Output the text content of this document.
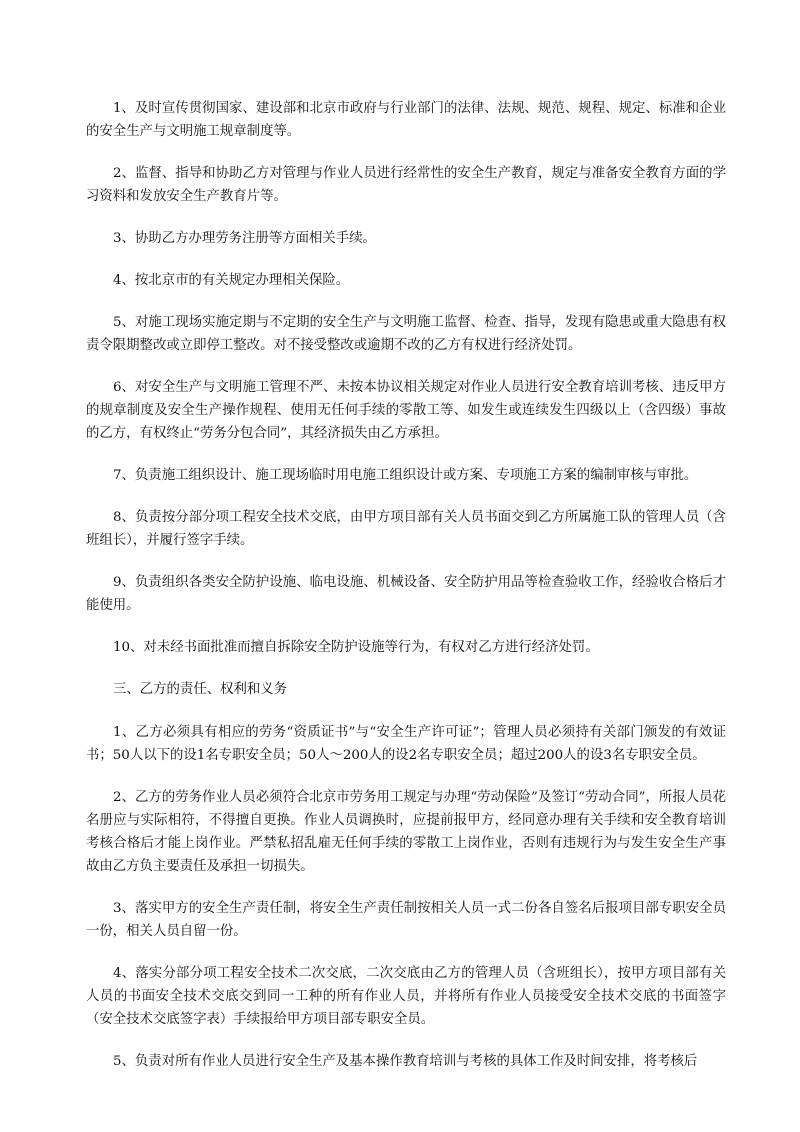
1、及时宣传贯彻国家、建设部和北京市政府与行业部门的法律、法规、规范、规程、规定、标准和企业的安全生产与文明施工规章制度等。

2、监督、指导和协助乙方对管理与作业人员进行经常性的安全生产教育，规定与准备安全教育方面的学习资料和发放安全生产教育片等。

3、协助乙方办理劳务注册等方面相关手续。

4、按北京市的有关规定办理相关保险。

5、对施工现场实施定期与不定期的安全生产与文明施工监督、检查、指导，发现有隐患或重大隐患有权责令限期整改或立即停工整改。对不接受整改或逾期不改的乙方有权进行经济处罚。

6、对安全生产与文明施工管理不严、未按本协议相关规定对作业人员进行安全教育培训考核、违反甲方的规章制度及安全生产操作规程、使用无任何手续的零散工等、如发生或连续发生四级以上（含四级）事故的乙方，有权终止“劳务分包合同”，其经济损失由乙方承担。

7、负责施工组织设计、施工现场临时用电施工组织设计或方案、专项施工方案的编制审核与审批。

8、负责按分部分项工程安全技术交底，由甲方项目部有关人员书面交到乙方所属施工队的管理人员（含班组长），并履行签字手续。

9、负责组织各类安全防护设施、临电设施、机械设备、安全防护用品等检查验收工作，经验收合格后才能使用。

10、对未经书面批准而擅自拆除安全防护设施等行为，有权对乙方进行经济处罚。

三、乙方的责任、权利和义务

1、乙方必须具有相应的劳务“资质证书”与“安全生产许可证”；管理人员必须持有关部门颁发的有效证书；50人以下的设1名专职安全员；50人～200人的设2名专职安全员；超过200人的设3名专职安全员。

2、乙方的劳务作业人员必须符合北京市劳务用工规定与办理“劳动保险”及签订“劳动合同”，所报人员花名册应与实际相符，不得擅自更换。作业人员调换时，应提前报甲方，经同意办理有关手续和安全教育培训考核合格后才能上岗作业。严禁私招乱雇无任何手续的零散工上岗作业，否则有违规行为与发生安全生产事故由乙方负主要责任及承担一切损失。

3、落实甲方的安全生产责任制，将安全生产责任制按相关人员一式二份各自签名后报项目部专职安全员一份，相关人员自留一份。

4、落实分部分项工程安全技术二次交底，二次交底由乙方的管理人员（含班组长），按甲方项目部有关人员的书面安全技术交底交到同一工种的所有作业人员，并将所有作业人员接受安全技术交底的书面签字（安全技术交底签字表）手续报给甲方项目部专职安全员。

5、负责对所有作业人员进行安全生产及基本操作教育培训与考核的具体工作及时间安排，将考核后
